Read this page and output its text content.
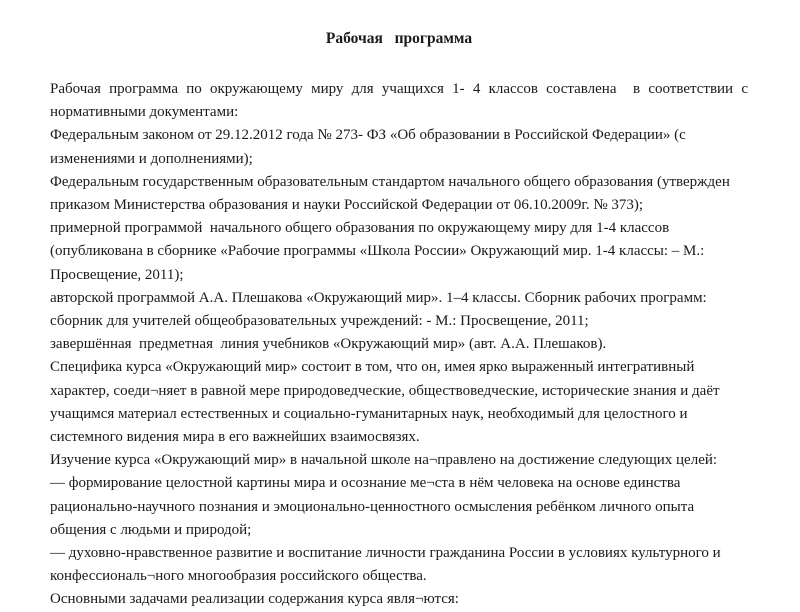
Рабочая  программа

Рабочая программа по окружающему миру для учащихся 1- 4 классов составлена  в соответствии с нормативными документами:

Федеральным законом от 29.12.2012 года № 273- ФЗ «Об образовании в Российской Федерации» (с изменениями и дополнениями);

Федеральным государственным образовательным стандартом начального общего образования (утвержден приказом Министерства образования и науки Российской Федерации от 06.10.2009г. № 373);

примерной программой  начального общего образования по окружающему миру для 1-4 классов (опубликована в сборнике «Рабочие программы «Школа России» Окружающий мир. 1-4 классы: – М.: Просвещение, 2011);

авторской программой А.А. Плешакова «Окружающий мир». 1–4 классы. Сборник рабочих программ: сборник для учителей общеобразовательных учреждений: - М.: Просвещение, 2011;

завершённая  предметная  линия учебников «Окружающий мир» (авт. А.А. Плешаков).

Специфика курса «Окружающий мир» состоит в том, что он, имея ярко выраженный интегративный характер, соеди¬няет в равной мере природоведческие, обществоведческие, исторические знания и даёт учащимся материал естественных и социально-гуманитарных наук, необходимый для целостного и системного видения мира в его важнейших взаимосвязях.

Изучение курса «Окружающий мир» в начальной школе на¬правлено на достижение следующих целей:

— формирование целостной картины мира и осознание ме¬ста в нём человека на основе единства рационально-научного познания и эмоционально-ценностного осмысления ребёнком личного опыта общения с людьми и природой;

— духовно-нравственное развитие и воспитание личности гражданина России в условиях культурного и конфессиональ¬ного многообразия российского общества.

Основными задачами реализации содержания курса явля¬ются:
